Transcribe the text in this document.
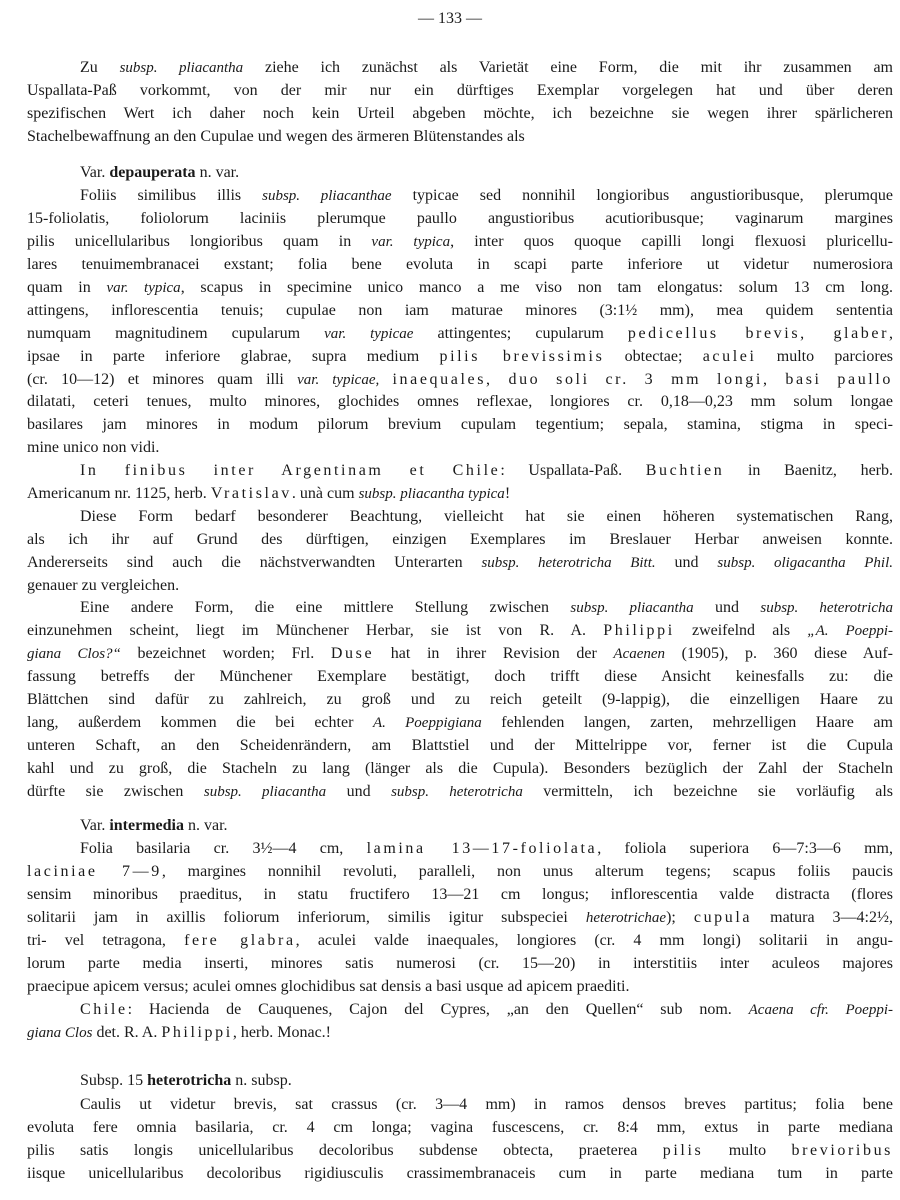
— 133 —
Zu subsp. pliacantha ziehe ich zunächst als Varietät eine Form, die mit ihr zusammen am
Uspallata-Paß vorkommt, von der mir nur ein dürftiges Exemplar vorgelegen hat und über deren
spezifischen Wert ich daher noch kein Urteil abgeben möchte, ich bezeichne sie wegen ihrer spärlicheren
Stachelbewaffnung an den Cupulae und wegen des ärmeren Blütenstandes als
Var. depauperata n. var.
Foliis similibus illis subsp. pliacanthae typicae sed nonnihil longioribus angustioribusque, plerumque
15-foliolatis, foliolorum laciniis plerumque paullo angustioribus acutioribusque; vaginarum margines
pilis unicellularibus longioribus quam in var. typica, inter quos quoque capilli longi flexuosi pluricellu-
lares tenuimembranacei exstant; folia bene evoluta in scapi parte inferiore ut videtur numerosiora
quam in var. typica, scapus in specimine unico manco a me viso non tam elongatus: solum 13 cm long.
attingens, inflorescentia tenuis; cupulae non iam maturae minores (3:1½ mm), mea quidem sententia
numquam magnitudinem cupularum var. typicae attingentes; cupularum pedicellus brevis, glaber,
ipsae in parte inferiore glabrae, supra medium pilis brevissimis obtectae; aculei multo parciores
(cr. 10—12) et minores quam illi var. typicae, inaequales, duo soli cr. 3 mm longi, basi paullo
dilatati, ceteri tenues, multo minores, glochides omnes reflexae, longiores cr. 0,18—0,23 mm solum longae
basilares jam minores in modum pilorum brevium cupulam tegentium; sepala, stamina, stigma in speci-
mine unico non vidi.
In finibus inter Argentinam et Chile: Uspallata-Paß. Buchtien in Baenitz, herb.
Americanum nr. 1125, herb. Vratislav. unà cum subsp. pliacantha typica!
Diese Form bedarf besonderer Beachtung, vielleicht hat sie einen höheren systematischen Rang,
als ich ihr auf Grund des dürftigen, einzigen Exemplares im Breslauer Herbar anweisen konnte.
Andererseits sind auch die nächstverwandten Unterarten subsp. heterotricha Bitt. und subsp. oligacantha Phil.
genauer zu vergleichen.
Eine andere Form, die eine mittlere Stellung zwischen subsp. pliacantha und subsp. heterotricha
einzunehmen scheint, liegt im Münchener Herbar, sie ist von R. A. Philippi zweifelnd als „A. Poeppi-
giana Clos?“ bezeichnet worden; Frl. Duse hat in ihrer Revision der Acaenen (1905), p. 360 diese Auf-
fassung betreffs der Münchener Exemplare bestätigt, doch trifft diese Ansicht keinesfalls zu: die
Blättchen sind dafür zu zahlreich, zu groß und zu reich geteilt (9-lappig), die einzelligen Haare zu
lang, außerdem kommen die bei echter A. Poeppigiana fehlenden langen, zarten, mehrzelligen Haare am
unteren Schaft, an den Scheidenrändern, am Blattstiel und der Mittelrippe vor, ferner ist die Cupula
kahl und zu groß, die Stacheln zu lang (länger als die Cupula). Besonders bezüglich der Zahl der Stacheln
dürfte sie zwischen subsp. pliacantha und subsp. heterotricha vermitteln, ich bezeichne sie vorläufig als
Var. intermedia n. var.
Folia basilaria cr. 3½—4 cm, lamina 13—17-foliolata, foliola superiora 6—7:3—6 mm,
laciniae 7—9, margines nonnihil revoluti, paralleli, non unus alterum tegens; scapus foliis paucis
sensim minoribus praeditus, in statu fructifero 13—21 cm longus; inflorescentia valde distracta (flores
solitarii jam in axillis foliorum inferiorum, similis igitur subspeciei heterotrichae); cupula matura 3—4:2½,
tri- vel tetragona, fere glabra, aculei valde inaequales, longiores (cr. 4 mm longi) solitarii in angu-
lorum parte media inserti, minores satis numerosi (cr. 15—20) in interstitiis inter aculeos majores
praecipue apicem versus; aculei omnes glochidibus sat densis a basi usque ad apicem praediti.
Chile: Hacienda de Cauquenes, Cajon del Cypres, „an den Quellen“ sub nom. Acaena cfr. Poeppi-
giana Clos det. R. A. Philippi, herb. Monac.!
Subsp. 15 heterotricha n. subsp.
Caulis ut videtur brevis, sat crassus (cr. 3—4 mm) in ramos densos breves partitus; folia bene
evoluta fere omnia basilaria, cr. 4 cm longa; vagina fuscescens, cr. 8:4 mm, extus in parte mediana
pilis satis longis unicellularibus decoloribus subdense obtecta, praeterea pilis multo brevioribus
iisque unicellularibus decoloribus rigidiusculis crassimembranaceis cum in parte mediana tum in parte
